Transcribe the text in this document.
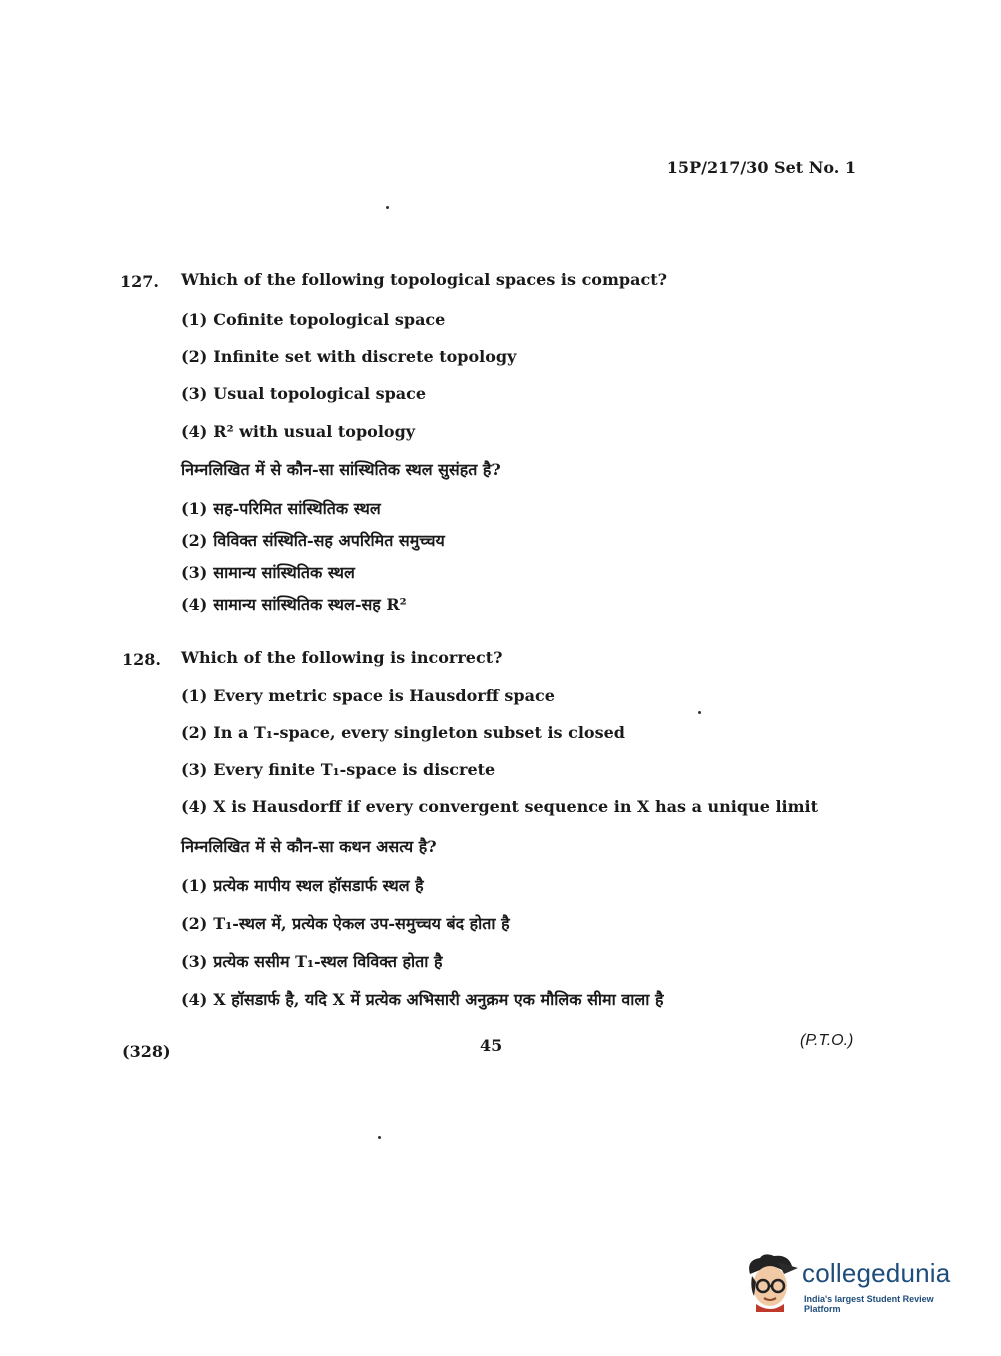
15P/217/30 Set No. 1
127. Which of the following topological spaces is compact?
(1) Cofinite topological space
(2) Infinite set with discrete topology
(3) Usual topological space
(4) R² with usual topology
निम्नलिखित में से कौन-सा सांस्थितिक स्थल सुसंहत है?
(1) सह-परिमित सांस्थितिक स्थल
(2) विविक्त संस्थिति-सह अपरिमित समुच्चय
(3) सामान्य सांस्थितिक स्थल
(4) सामान्य सांस्थितिक स्थल-सह R²
128. Which of the following is incorrect?
(1) Every metric space is Hausdorff space
(2) In a T₁-space, every singleton subset is closed
(3) Every finite T₁-space is discrete
(4) X is Hausdorff if every convergent sequence in X has a unique limit
निम्नलिखित में से कौन-सा कथन असत्य है?
(1) प्रत्येक मापीय स्थल हॉसडार्फ स्थल है
(2) T₁-स्थल में, प्रत्येक ऐकल उप-समुच्चय बंद होता है
(3) प्रत्येक ससीम T₁-स्थल विविक्त होता है
(4) X हॉसडार्फ है, यदि X में प्रत्येक अभिसारी अनुक्रम एक मौलिक सीमा वाला है
(328)	45	(P.T.O.)
collegedunia
India's largest Student Review Platform
